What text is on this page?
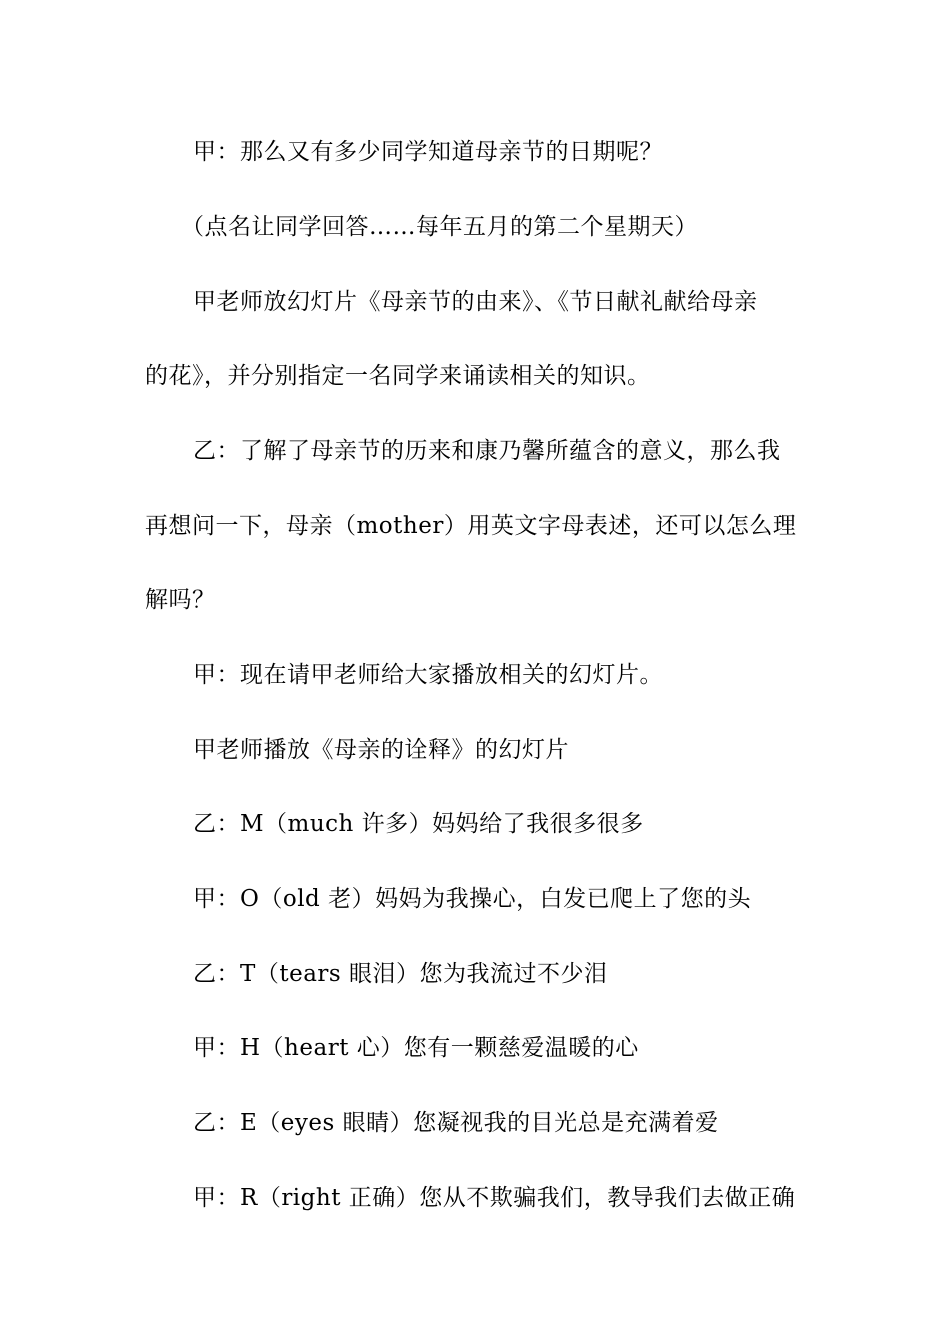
甲：那么又有多少同学知道母亲节的日期呢？
（点名让同学回答……每年五月的第二个星期天）
甲老师放幻灯片《母亲节的由来》、《节日献礼献给母亲
的花》，并分别指定一名同学来诵读相关的知识。
乙：了解了母亲节的历来和康乃馨所蕴含的意义，那么我
再想问一下，母亲（mother）用英文字母表述，还可以怎么理
解吗？
甲：现在请甲老师给大家播放相关的幻灯片。
甲老师播放《母亲的诠释》的幻灯片
乙：M（much 许多）妈妈给了我很多很多
甲：O（old 老）妈妈为我操心，白发已爬上了您的头
乙：T（tears 眼泪）您为我流过不少泪
甲：H（heart 心）您有一颗慈爱温暖的心
乙：E（eyes 眼睛）您凝视我的目光总是充满着爱
甲：R（right 正确）您从不欺骗我们，教导我们去做正确
